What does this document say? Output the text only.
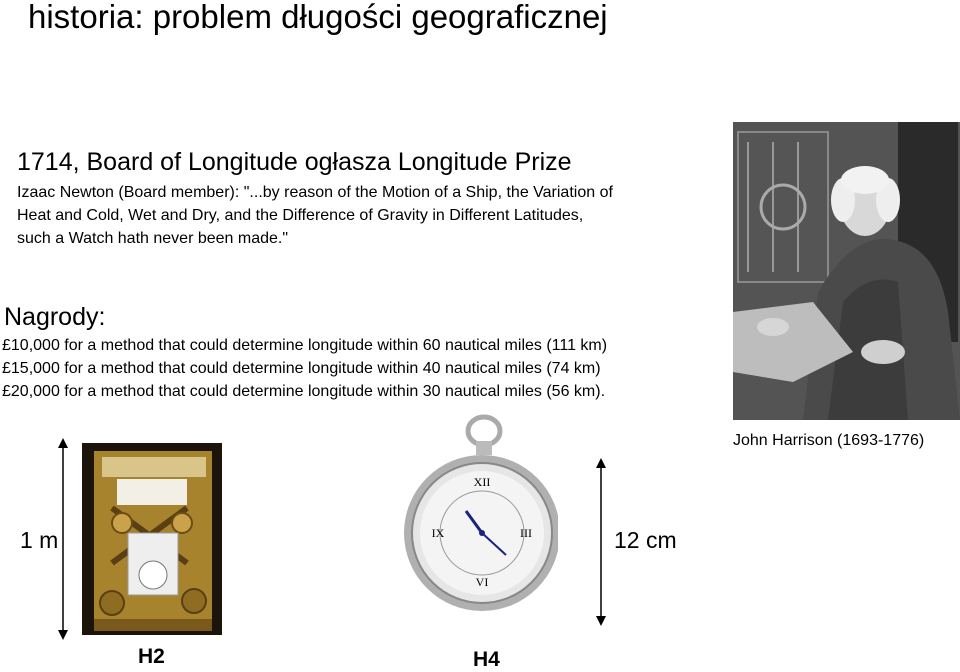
historia: problem długości geograficznej
1714, Board of Longitude ogłasza Longitude Prize
Izaac Newton (Board member): "...by reason of the Motion of a Ship, the Variation of Heat and Cold, Wet and Dry, and the Difference of Gravity in Different Latitudes, such a Watch hath never been made."
Nagrody:
£10,000 for a method that could determine longitude within 60 nautical miles (111 km)
£15,000 for a method that could determine longitude within 40 nautical miles (74 km)
£20,000 for a method that could determine longitude within 30 nautical miles (56 km).
John Harrison (1693-1776)
XII
III
VI
IX
1 m	12 cm
H2	H4
